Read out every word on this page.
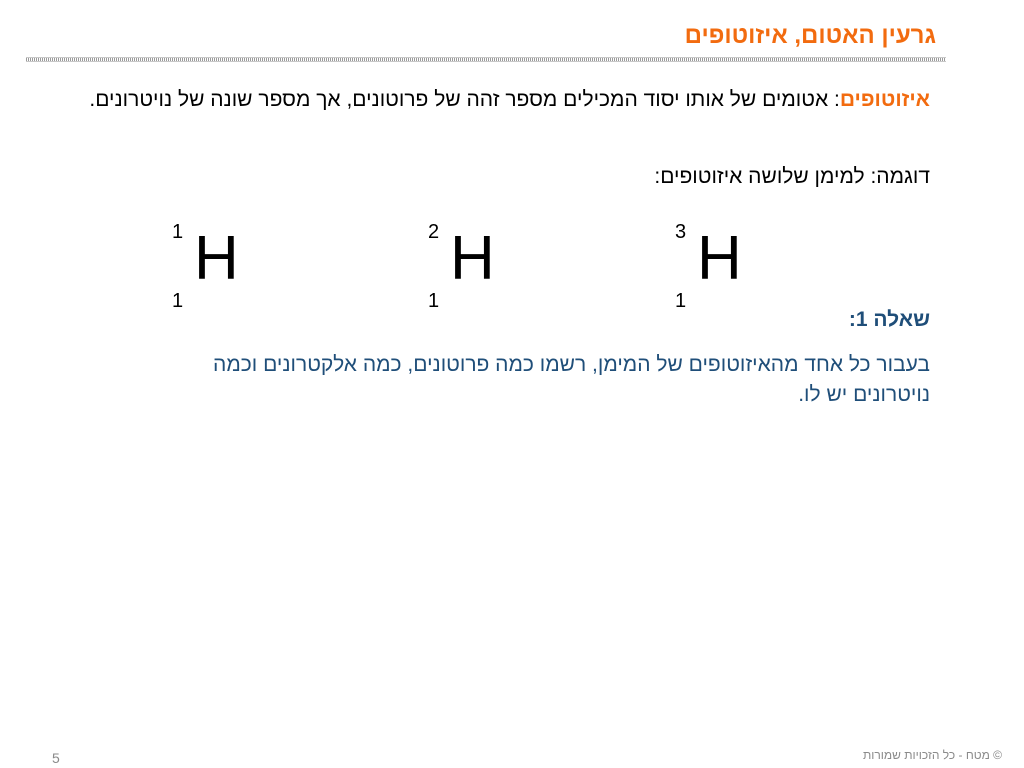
גרעין האטום, איזוטופים
איזוטופים: אטומים של אותו יסוד המכילים מספר זהה של פרוטונים, אך מספר שונה של נויטרונים.
דוגמה: למימן שלושה איזוטופים:
1 H
1
2 H
1
3 H
1
שאלה 1:
בעבור כל אחד מהאיזוטופים של המימן, רשמו כמה פרוטונים, כמה אלקטרונים וכמה נויטרונים יש לו.
© מטח - כל הזכויות שמורות
5
